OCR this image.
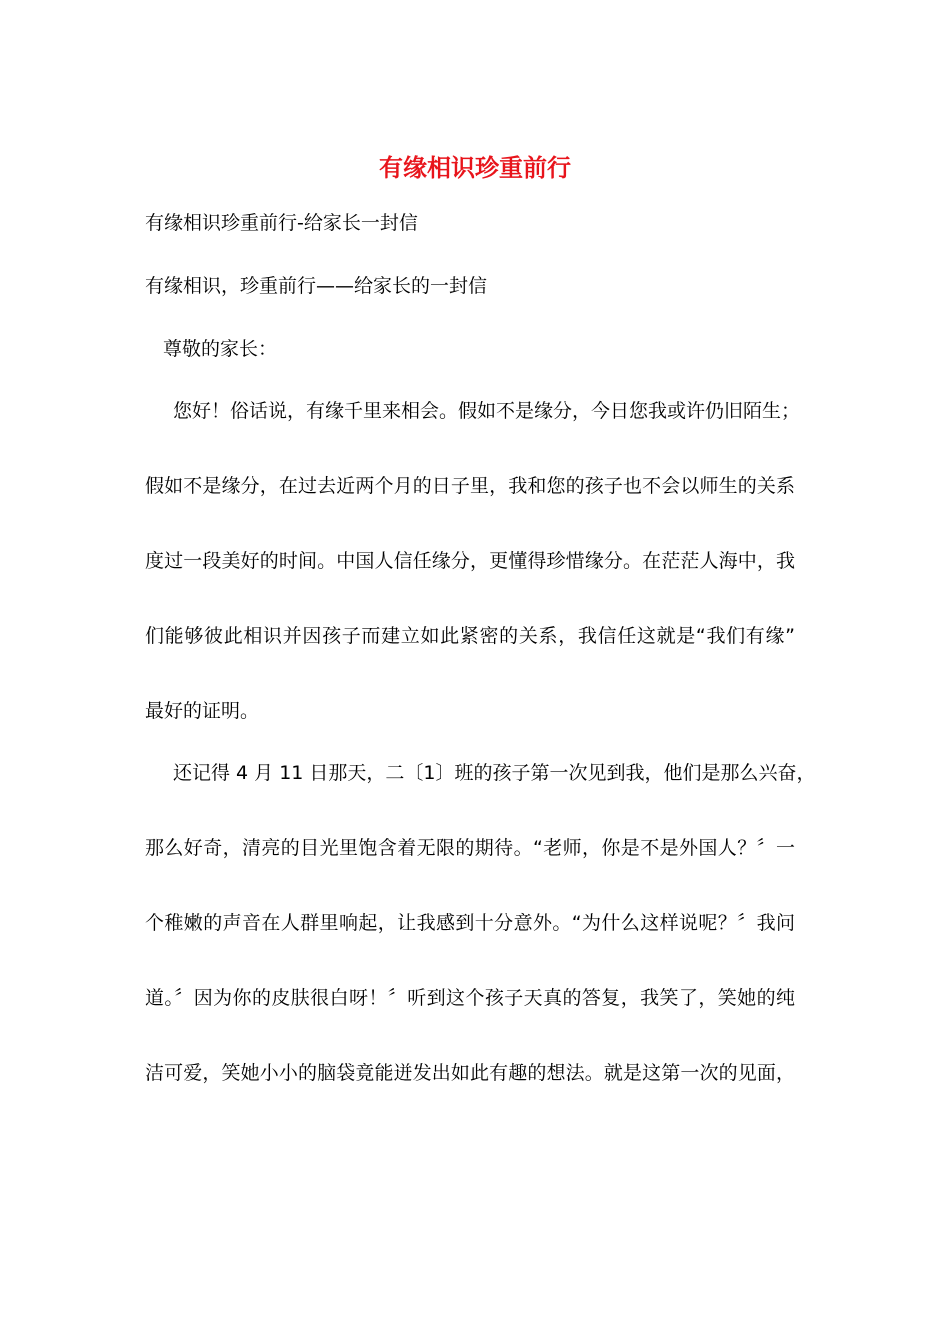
有缘相识珍重前行
有缘相识珍重前行-给家长一封信
有缘相识，珍重前行——给家长的一封信
尊敬的家长：
您好！俗话说，有缘千里来相会。假如不是缘分，今日您我或许仍旧陌生；
假如不是缘分，在过去近两个月的日子里，我和您的孩子也不会以师生的关系
度过一段美好的时间。中国人信任缘分，更懂得珍惜缘分。在茫茫人海中，我
们能够彼此相识并因孩子而建立如此紧密的关系，我信任这就是“我们有缘”
最好的证明。
还记得 4 月 11 日那天，二〔1〕班的孩子第一次见到我，他们是那么兴奋，
那么好奇，清亮的目光里饱含着无限的期待。“老师，你是不是外国人？〞一
个稚嫩的声音在人群里响起，让我感到十分意外。“为什么这样说呢？〞我问
道。〞因为你的皮肤很白呀！〞听到这个孩子天真的答复，我笑了，笑她的纯
洁可爱，笑她小小的脑袋竟能迸发出如此有趣的想法。就是这第一次的见面，
